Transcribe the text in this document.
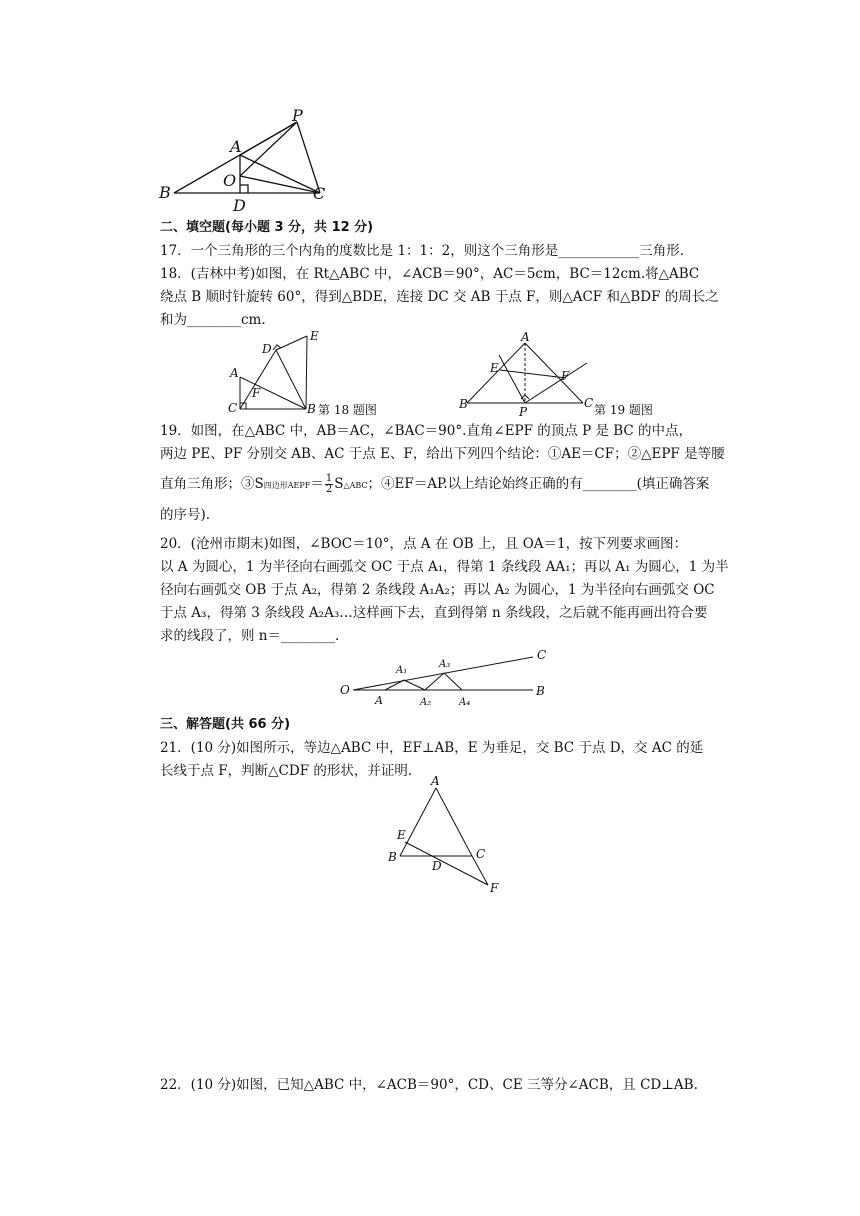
P
A
O
B
D
C
二、填空题(每小题 3 分，共 12 分)
17．一个三角形的三个内角的度数比是 1：1：2，则这个三角形是____________三角形．
18．(吉林中考)如图，在 Rt△ABC 中，∠ACB＝90°，AC＝5cm，BC＝12cm.将△ABC
绕点 B 顺时针旋转 60°，得到△BDE，连接 DC 交 AB 于点 F，则△ACF 和△BDF 的周长之
和为________cm.
E
D
A
F
C	B 第 18 题图
A
E
F
B
P
C 第 19 题图
19．如图，在△ABC 中，AB＝AC，∠BAC＝90°.直角∠EPF 的顶点 P 是 BC 的中点，
两边 PE、PF 分别交 AB、AC 于点 E、F，给出下列四个结论：①AE＝CF；②△EPF 是等腰
直角三角形；③S四边形AEPF＝ $\frac{1}{2}$ S△ABC；④EF＝AP.以上结论始终正确的有________(填正确答案
的序号).
20．(沧州市期末)如图，∠BOC＝10°，点 A 在 OB 上，且 OA＝1，按下列要求画图：
以 A 为圆心，1 为半径向右画弧交 OC 于点 A₁，得第 1 条线段 AA₁；再以 A₁ 为圆心，1 为半
径向右画弧交 OB 于点 A₂，得第 2 条线段 A₁A₂；再以 A₂ 为圆心，1 为半径向右画弧交 OC
于点 A₃，得第 3 条线段 A₂A₃…这样画下去，直到得第 n 条线段，之后就不能再画出符合要
求的线段了，则 n＝________.
C
A₁
A₃
O
A	A₂	A₄
B
三、解答题(共 66 分)
21．(10 分)如图所示，等边△ABC 中，EF⊥AB，E 为垂足，交 BC 于点 D，交 AC 的延
长线于点 F，判断△CDF 的形状，并证明.
A
E
B
D
C
F
22．(10 分)如图，已知△ABC 中，∠ACB＝90°，CD、CE 三等分∠ACB，且 CD⊥AB.
